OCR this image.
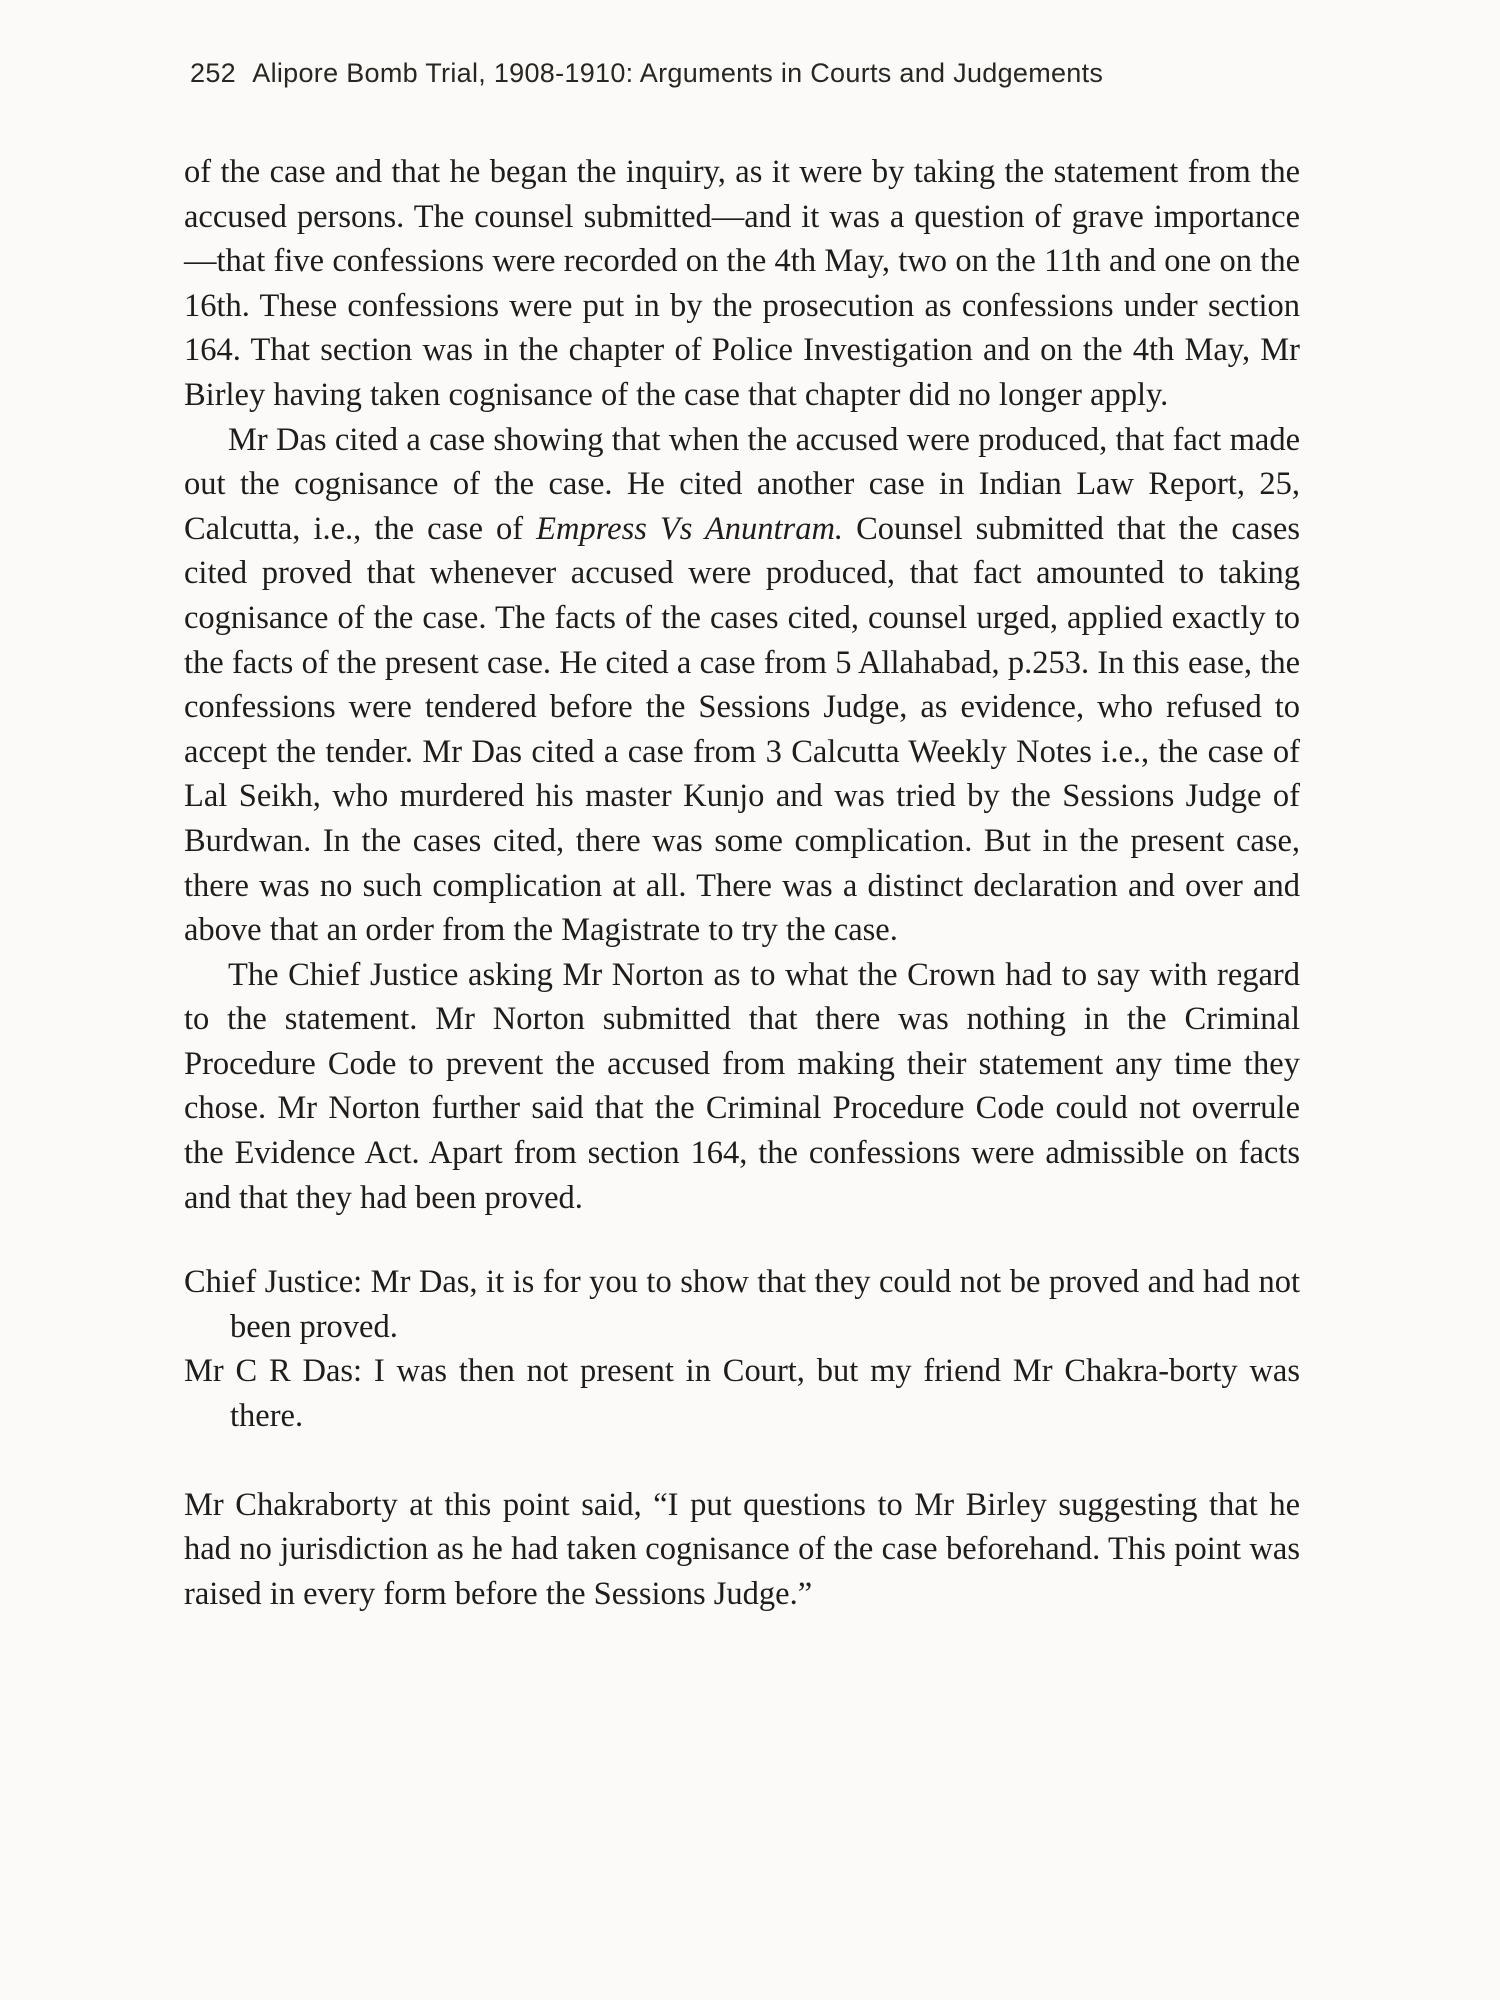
252 Alipore Bomb Trial, 1908-1910: Arguments in Courts and Judgements

of the case and that he began the inquiry, as it were by taking the statement from the accused persons. The counsel submitted—and it was a question of grave importance—that five confessions were recorded on the 4th May, two on the 11th and one on the 16th. These confessions were put in by the prosecution as confessions under section 164. That section was in the chapter of Police Investigation and on the 4th May, Mr Birley having taken cognisance of the case that chapter did no longer apply.

Mr Das cited a case showing that when the accused were produced, that fact made out the cognisance of the case. He cited another case in Indian Law Report, 25, Calcutta, i.e., the case of Empress Vs Anuntram. Counsel submitted that the cases cited proved that whenever accused were produced, that fact amounted to taking cognisance of the case. The facts of the cases cited, counsel urged, applied exactly to the facts of the present case. He cited a case from 5 Allahabad, p.253. In this ease, the confessions were tendered before the Sessions Judge, as evidence, who refused to accept the tender. Mr Das cited a case from 3 Calcutta Weekly Notes i.e., the case of Lal Seikh, who murdered his master Kunjo and was tried by the Sessions Judge of Burdwan. In the cases cited, there was some complication. But in the present case, there was no such complication at all. There was a distinct declaration and over and above that an order from the Magistrate to try the case.

The Chief Justice asking Mr Norton as to what the Crown had to say with regard to the statement. Mr Norton submitted that there was nothing in the Criminal Procedure Code to prevent the accused from making their statement any time they chose. Mr Norton further said that the Criminal Procedure Code could not overrule the Evidence Act. Apart from section 164, the confessions were admissible on facts and that they had been proved.

Chief Justice: Mr Das, it is for you to show that they could not be proved and had not been proved.

Mr C R Das: I was then not present in Court, but my friend Mr Chakra-borty was there.

Mr Chakraborty at this point said, “I put questions to Mr Birley suggesting that he had no jurisdiction as he had taken cognisance of the case beforehand. This point was raised in every form before the Sessions Judge.”
